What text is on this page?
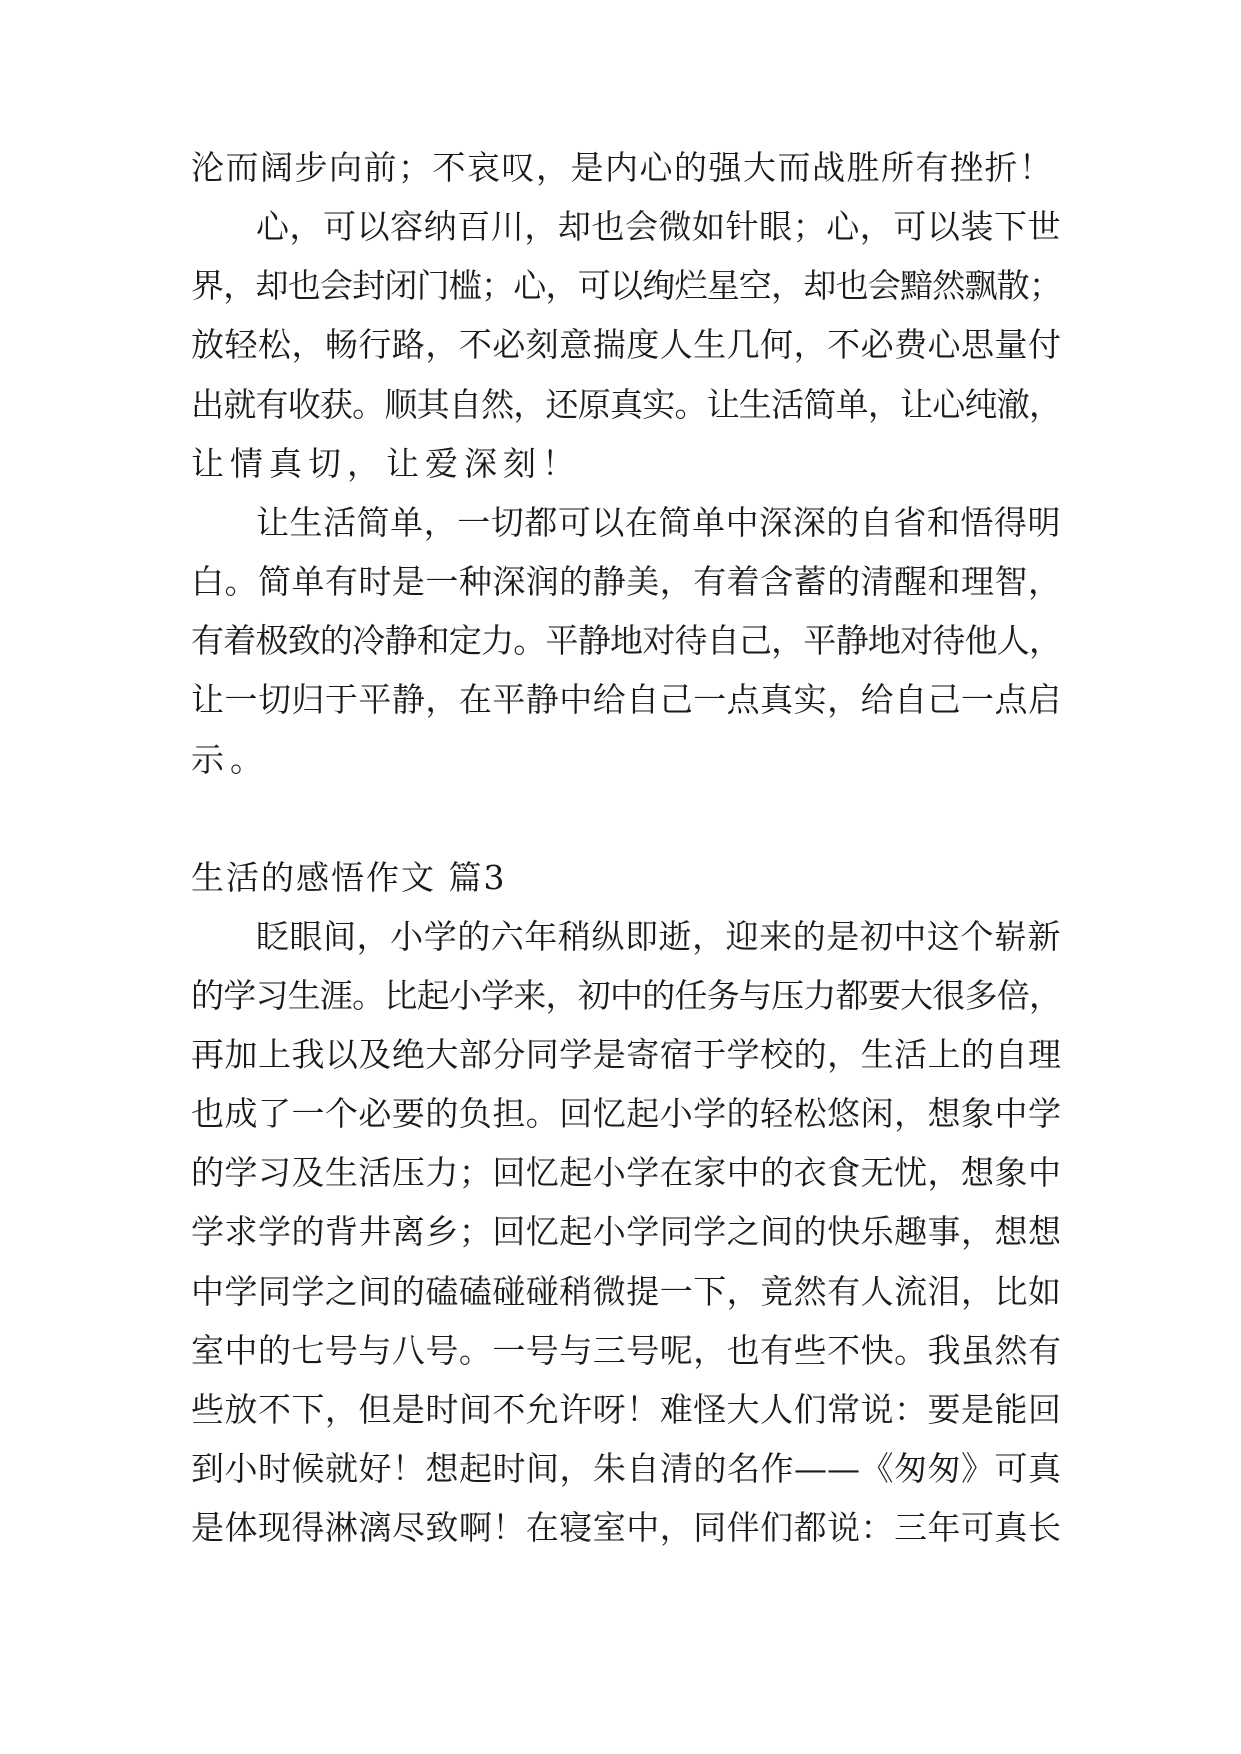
沦而阔步向前；不哀叹，是内心的强大而战胜所有挫折！
心，可以容纳百川，却也会微如针眼；心，可以装下世
界，却也会封闭门槛；心，可以绚烂星空，却也会黯然飘散；
放轻松，畅行路，不必刻意揣度人生几何，不必费心思量付
出就有收获。顺其自然，还原真实。让生活简单，让心纯澈，
让情真切，让爱深刻！
让生活简单，一切都可以在简单中深深的自省和悟得明
白。简单有时是一种深润的静美，有着含蓄的清醒和理智，
有着极致的冷静和定力。平静地对待自己，平静地对待他人，
让一切归于平静，在平静中给自己一点真实，给自己一点启
示。
生活的感悟作文 篇3
眨眼间，小学的六年稍纵即逝，迎来的是初中这个崭新
的学习生涯。比起小学来，初中的任务与压力都要大很多倍，
再加上我以及绝大部分同学是寄宿于学校的，生活上的自理
也成了一个必要的负担。回忆起小学的轻松悠闲，想象中学
的学习及生活压力；回忆起小学在家中的衣食无忧，想象中
学求学的背井离乡；回忆起小学同学之间的快乐趣事，想想
中学同学之间的磕磕碰碰稍微提一下，竟然有人流泪，比如
室中的七号与八号。一号与三号呢，也有些不快。我虽然有
些放不下，但是时间不允许呀！难怪大人们常说：要是能回
到小时候就好！想起时间，朱自清的名作——《匆匆》可真
是体现得淋漓尽致啊！在寝室中，同伴们都说：三年可真长
